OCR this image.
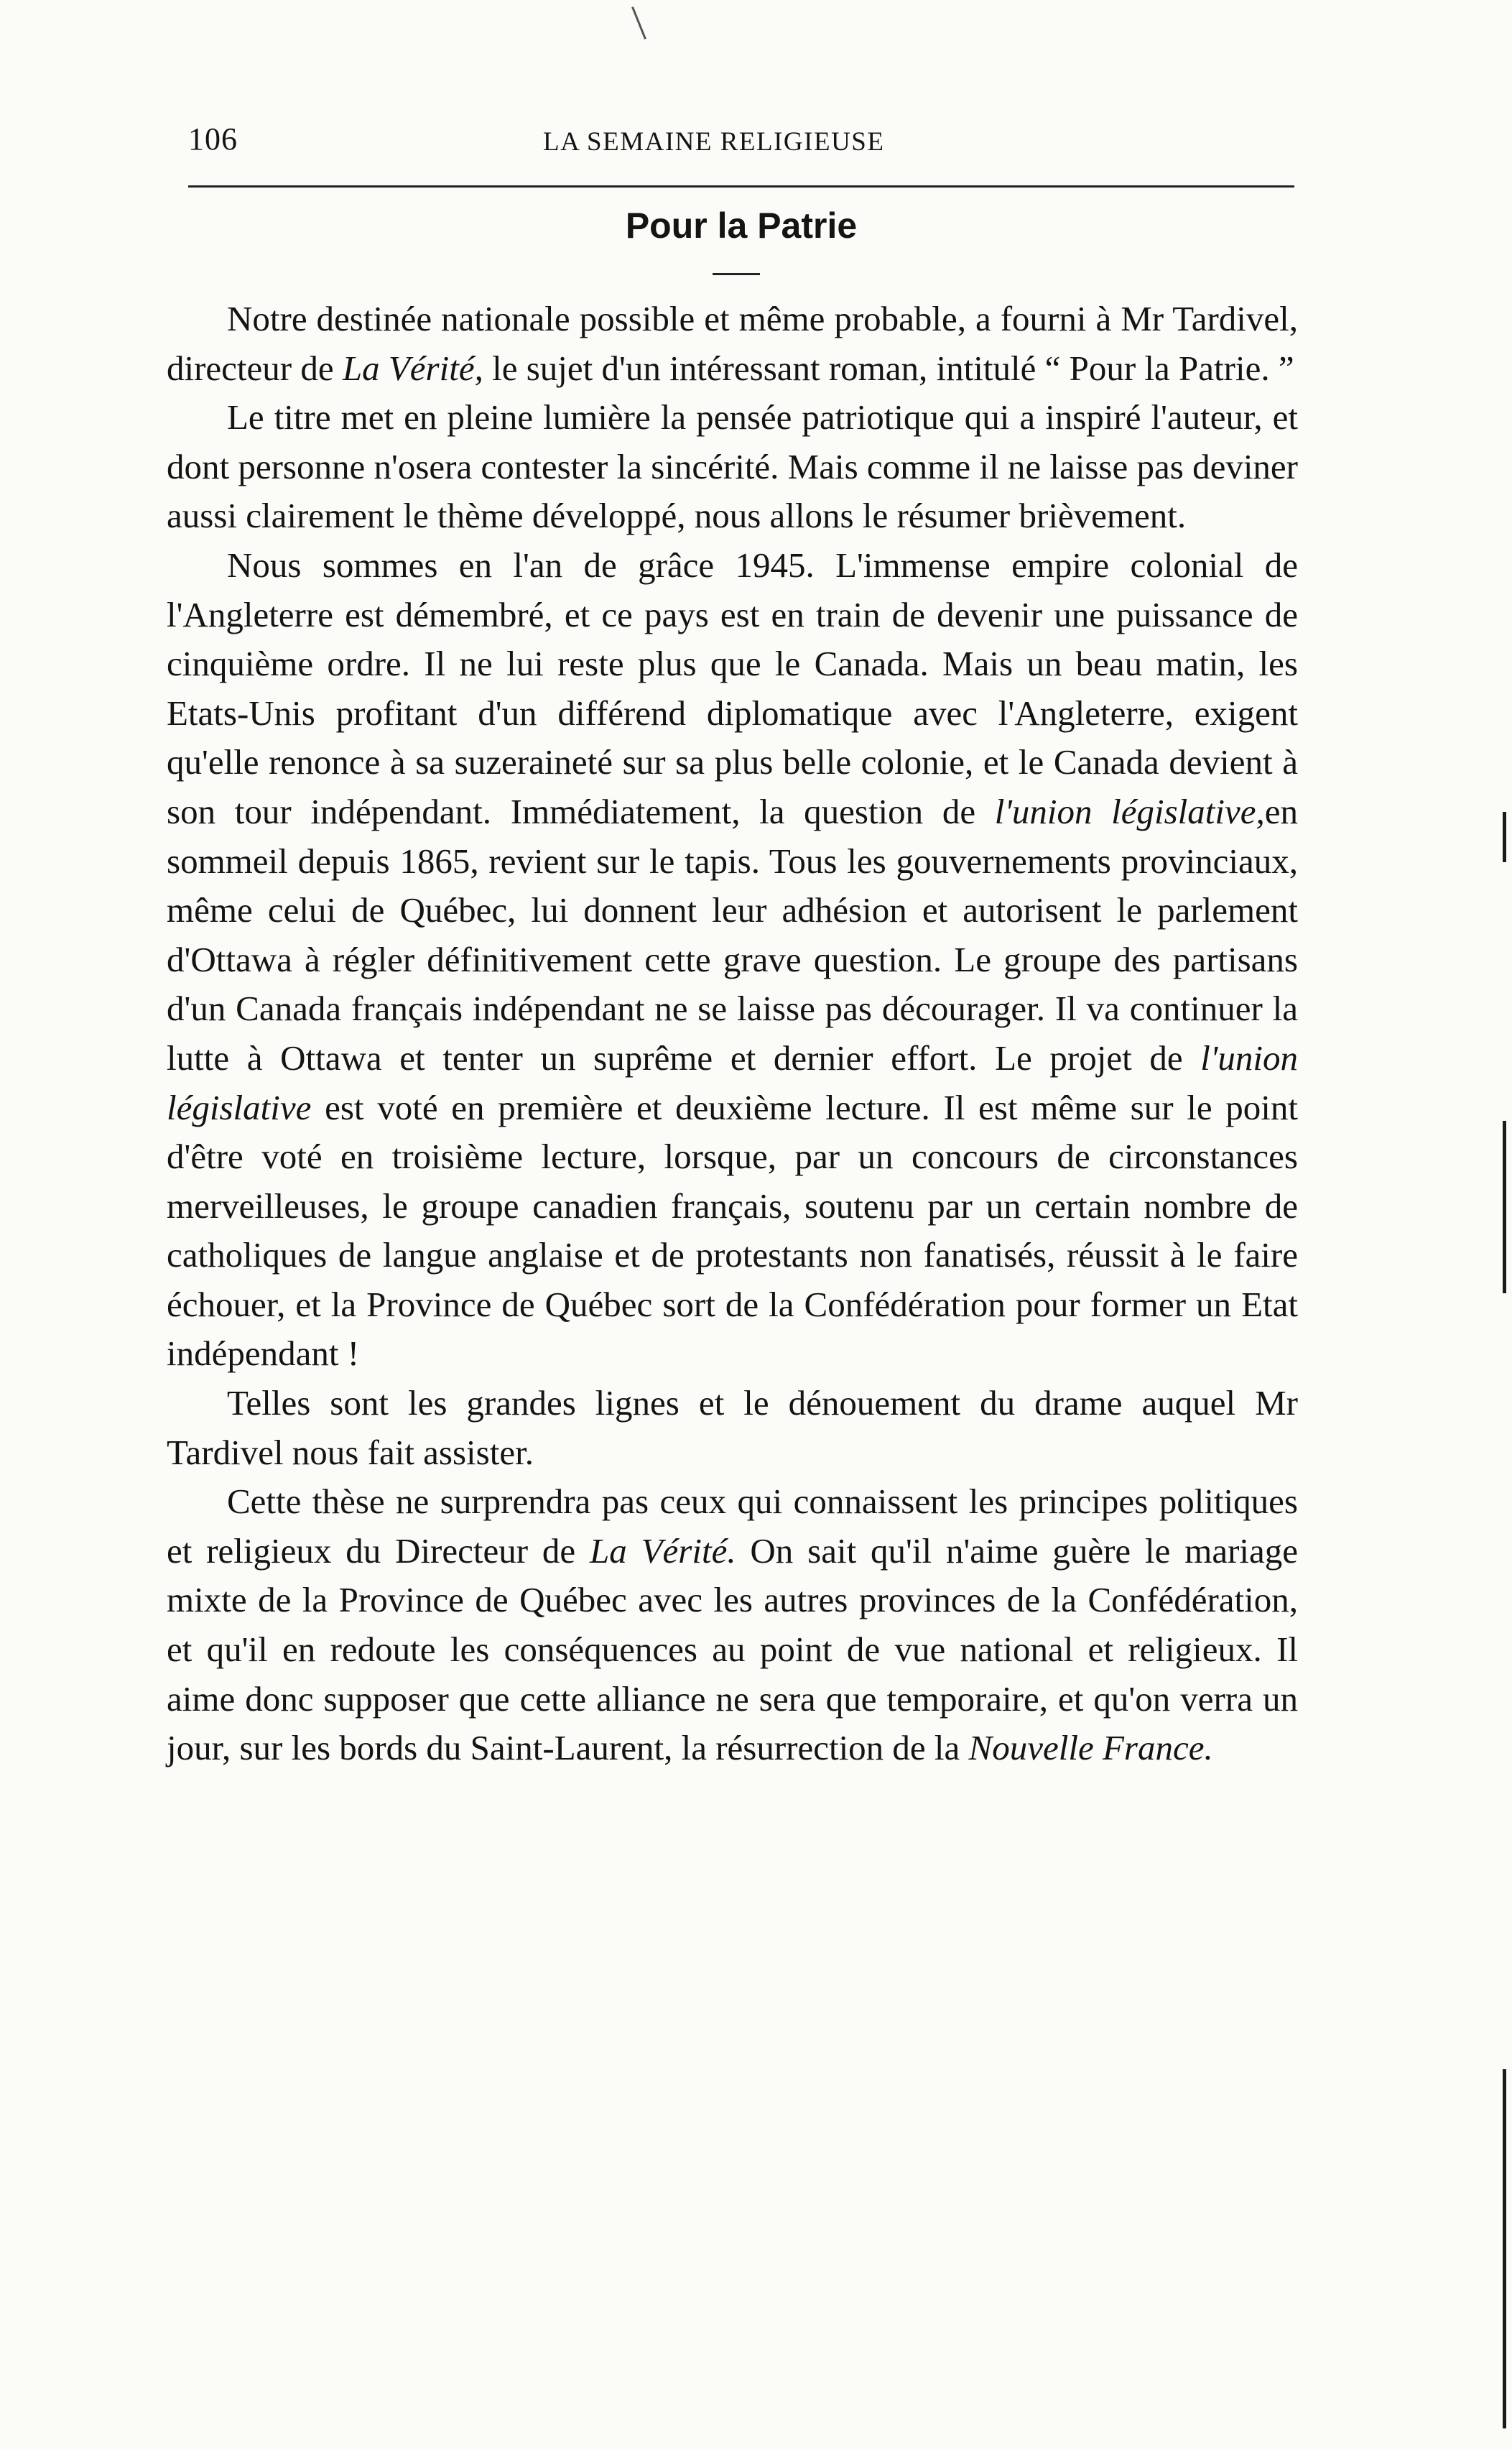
106	LA SEMAINE RELIGIEUSE
Pour la Patrie

Notre destinée nationale possible et même probable, a fourni à Mr Tardivel, directeur de La Vérité, le sujet d'un intéressant roman, intitulé “ Pour la Patrie. ”

Le titre met en pleine lumière la pensée patriotique qui a inspiré l'auteur, et dont personne n'osera contester la sincérité. Mais comme il ne laisse pas deviner aussi clairement le thème développé, nous allons le résumer brièvement.

Nous sommes en l'an de grâce 1945. L'immense empire colonial de l'Angleterre est démembré, et ce pays est en train de devenir une puissance de cinquième ordre. Il ne lui reste plus que le Canada. Mais un beau matin, les Etats-Unis profitant d'un différend diplomatique avec l'Angleterre, exigent qu'elle renonce à sa suzeraineté sur sa plus belle colonie, et le Canada devient à son tour indépendant. Immédiatement, la question de l'union législative,en sommeil depuis 1865, revient sur le tapis. Tous les gouvernements provinciaux, même celui de Québec, lui donnent leur adhésion et autorisent le parlement d'Ottawa à régler définitivement cette grave question. Le groupe des partisans d'un Canada français indépendant ne se laisse pas décourager. Il va continuer la lutte à Ottawa et tenter un suprême et dernier effort. Le projet de l'union législative est voté en première et deuxième lecture. Il est même sur le point d'être voté en troisième lecture, lorsque, par un concours de circonstances merveilleuses, le groupe canadien français, soutenu par un certain nombre de catholiques de langue anglaise et de protestants non fanatisés, réussit à le faire échouer, et la Province de Québec sort de la Confédération pour former un Etat indépendant !

Telles sont les grandes lignes et le dénouement du drame auquel Mr Tardivel nous fait assister.

Cette thèse ne surprendra pas ceux qui connaissent les principes politiques et religieux du Directeur de La Vérité. On sait qu'il n'aime guère le mariage mixte de la Province de Québec avec les autres provinces de la Confédération, et qu'il en redoute les conséquences au point de vue national et religieux. Il aime donc supposer que cette alliance ne sera que temporaire, et qu'on verra un jour, sur les bords du Saint-Laurent, la résurrection de la Nouvelle France.
